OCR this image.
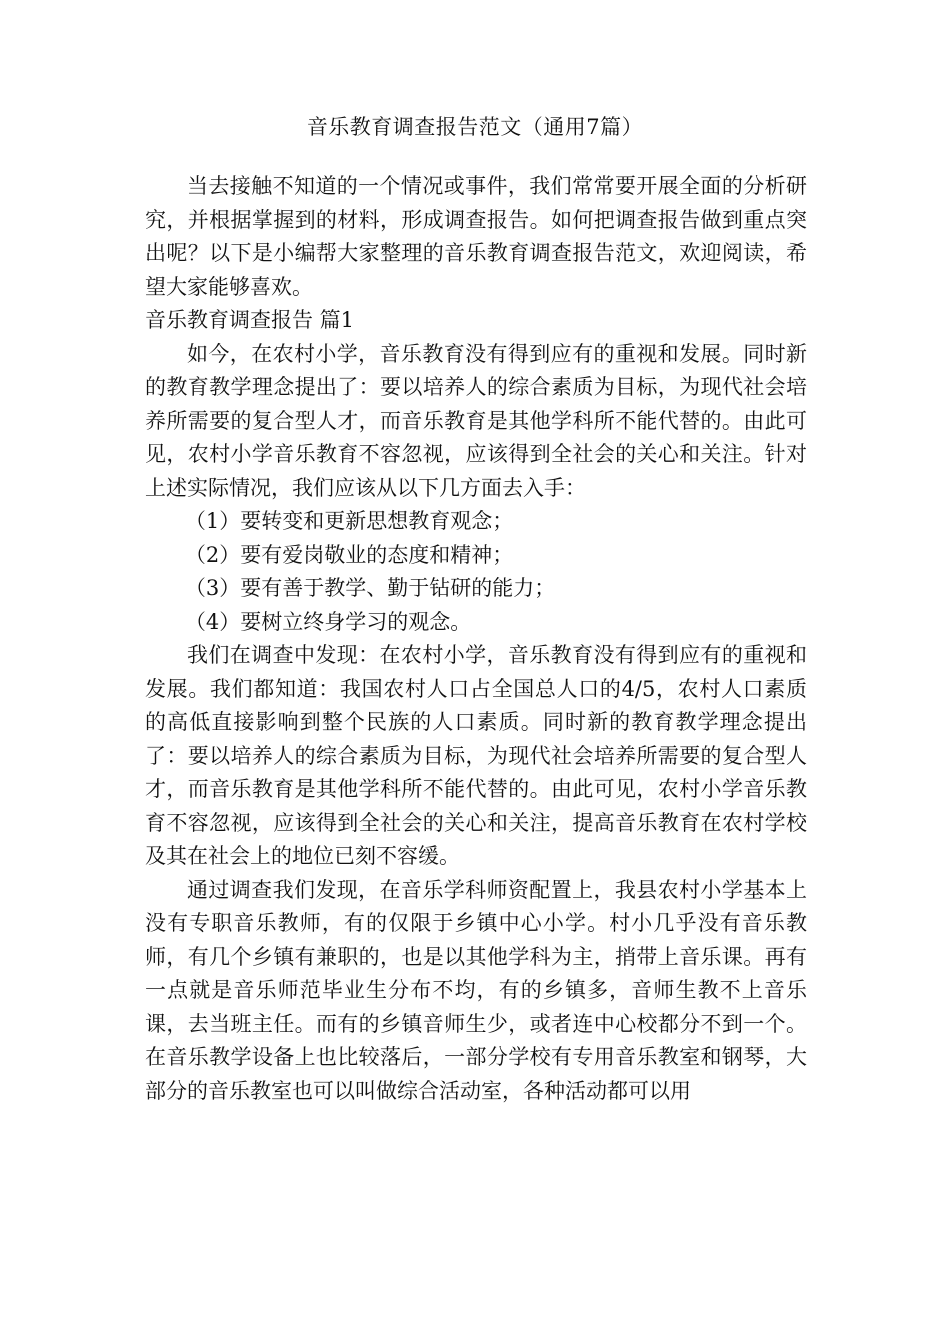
音乐教育调查报告范文（通用7篇）

当去接触不知道的一个情况或事件，我们常常要开展全面的分析研究，并根据掌握到的材料，形成调查报告。如何把调查报告做到重点突出呢？以下是小编帮大家整理的音乐教育调查报告范文，欢迎阅读，希望大家能够喜欢。

音乐教育调查报告 篇1

如今，在农村小学，音乐教育没有得到应有的重视和发展。同时新的教育教学理念提出了：要以培养人的综合素质为目标，为现代社会培养所需要的复合型人才，而音乐教育是其他学科所不能代替的。由此可见，农村小学音乐教育不容忽视，应该得到全社会的关心和关注。针对上述实际情况，我们应该从以下几方面去入手：

（1）要转变和更新思想教育观念；

（2）要有爱岗敬业的态度和精神；

（3）要有善于教学、勤于钻研的能力；

（4）要树立终身学习的观念。

我们在调查中发现：在农村小学，音乐教育没有得到应有的重视和发展。我们都知道：我国农村人口占全国总人口的4/5，农村人口素质的高低直接影响到整个民族的人口素质。同时新的教育教学理念提出了：要以培养人的综合素质为目标，为现代社会培养所需要的复合型人才，而音乐教育是其他学科所不能代替的。由此可见，农村小学音乐教育不容忽视，应该得到全社会的关心和关注，提高音乐教育在农村学校及其在社会上的地位已刻不容缓。

通过调查我们发现，在音乐学科师资配置上，我县农村小学基本上没有专职音乐教师，有的仅限于乡镇中心小学。村小几乎没有音乐教师，有几个乡镇有兼职的，也是以其他学科为主，捎带上音乐课。再有一点就是音乐师范毕业生分布不均，有的乡镇多，音师生教不上音乐课，去当班主任。而有的乡镇音师生少，或者连中心校都分不到一个。在音乐教学设备上也比较落后，一部分学校有专用音乐教室和钢琴，大部分的音乐教室也可以叫做综合活动室，各种活动都可以用
